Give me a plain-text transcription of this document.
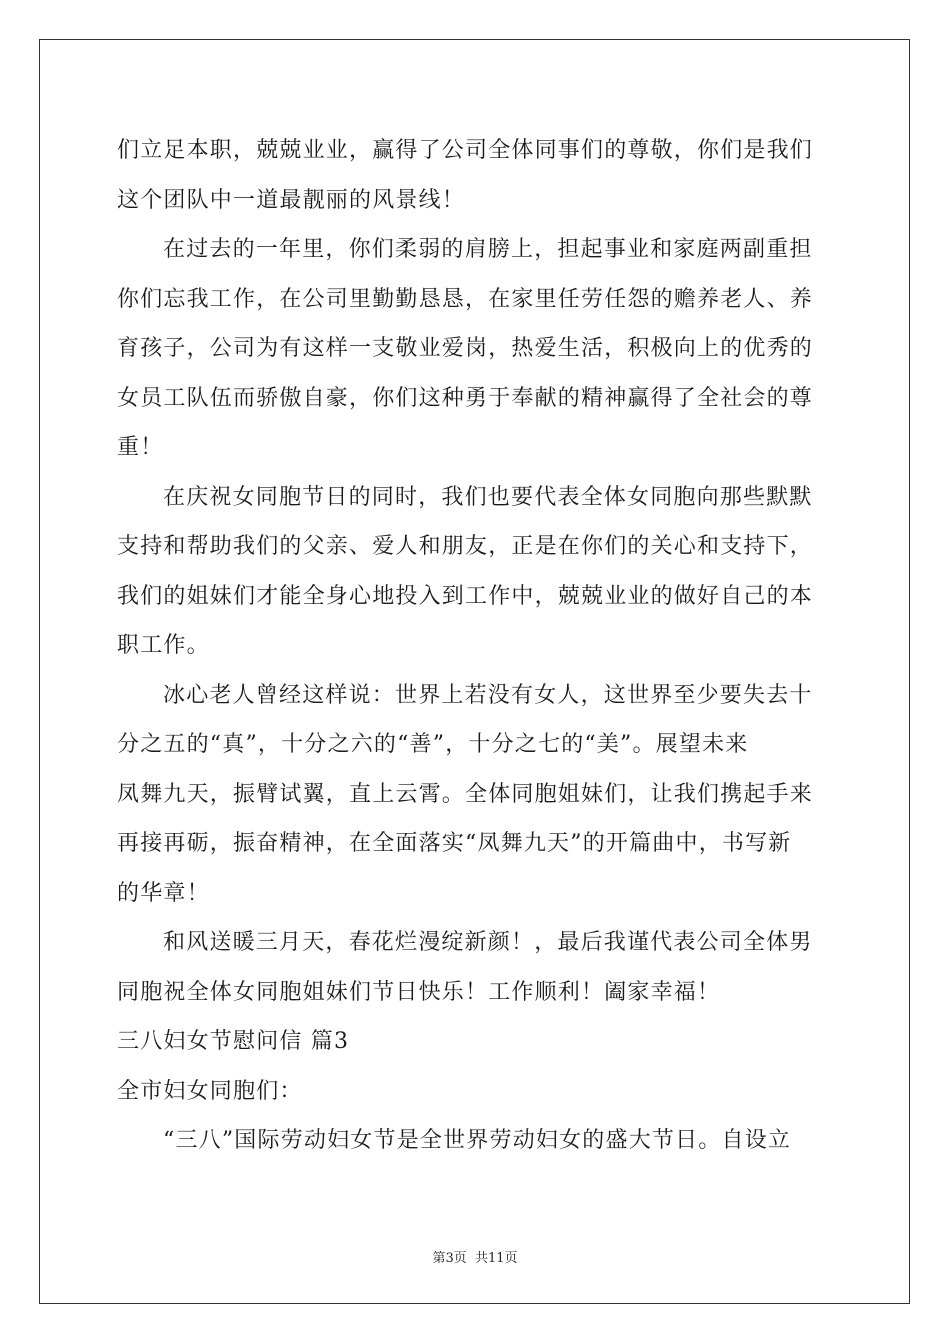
们立足本职，兢兢业业，赢得了公司全体同事们的尊敬，你们是我们
这个团队中一道最靓丽的风景线！
在过去的一年里，你们柔弱的肩膀上，担起事业和家庭两副重担
你们忘我工作，在公司里勤勤恳恳，在家里任劳任怨的赡养老人、养
育孩子，公司为有这样一支敬业爱岗，热爱生活，积极向上的优秀的
女员工队伍而骄傲自豪，你们这种勇于奉献的精神赢得了全社会的尊
重！
在庆祝女同胞节日的同时，我们也要代表全体女同胞向那些默默
支持和帮助我们的父亲、爱人和朋友，正是在你们的关心和支持下，
我们的姐妹们才能全身心地投入到工作中，兢兢业业的做好自己的本
职工作。
冰心老人曾经这样说：世界上若没有女人，这世界至少要失去十
分之五的“真”，十分之六的“善”，十分之七的“美”。展望未来
凤舞九天，振臂试翼，直上云霄。全体同胞姐妹们，让我们携起手来
再接再砺，振奋精神，在全面落实“凤舞九天”的开篇曲中，书写新
的华章！
和风送暖三月天，春花烂漫绽新颜！，最后我谨代表公司全体男
同胞祝全体女同胞姐妹们节日快乐！工作顺利！阖家幸福！
三八妇女节慰问信 篇3
全市妇女同胞们：
“三八”国际劳动妇女节是全世界劳动妇女的盛大节日。自设立
第3页 共11页
